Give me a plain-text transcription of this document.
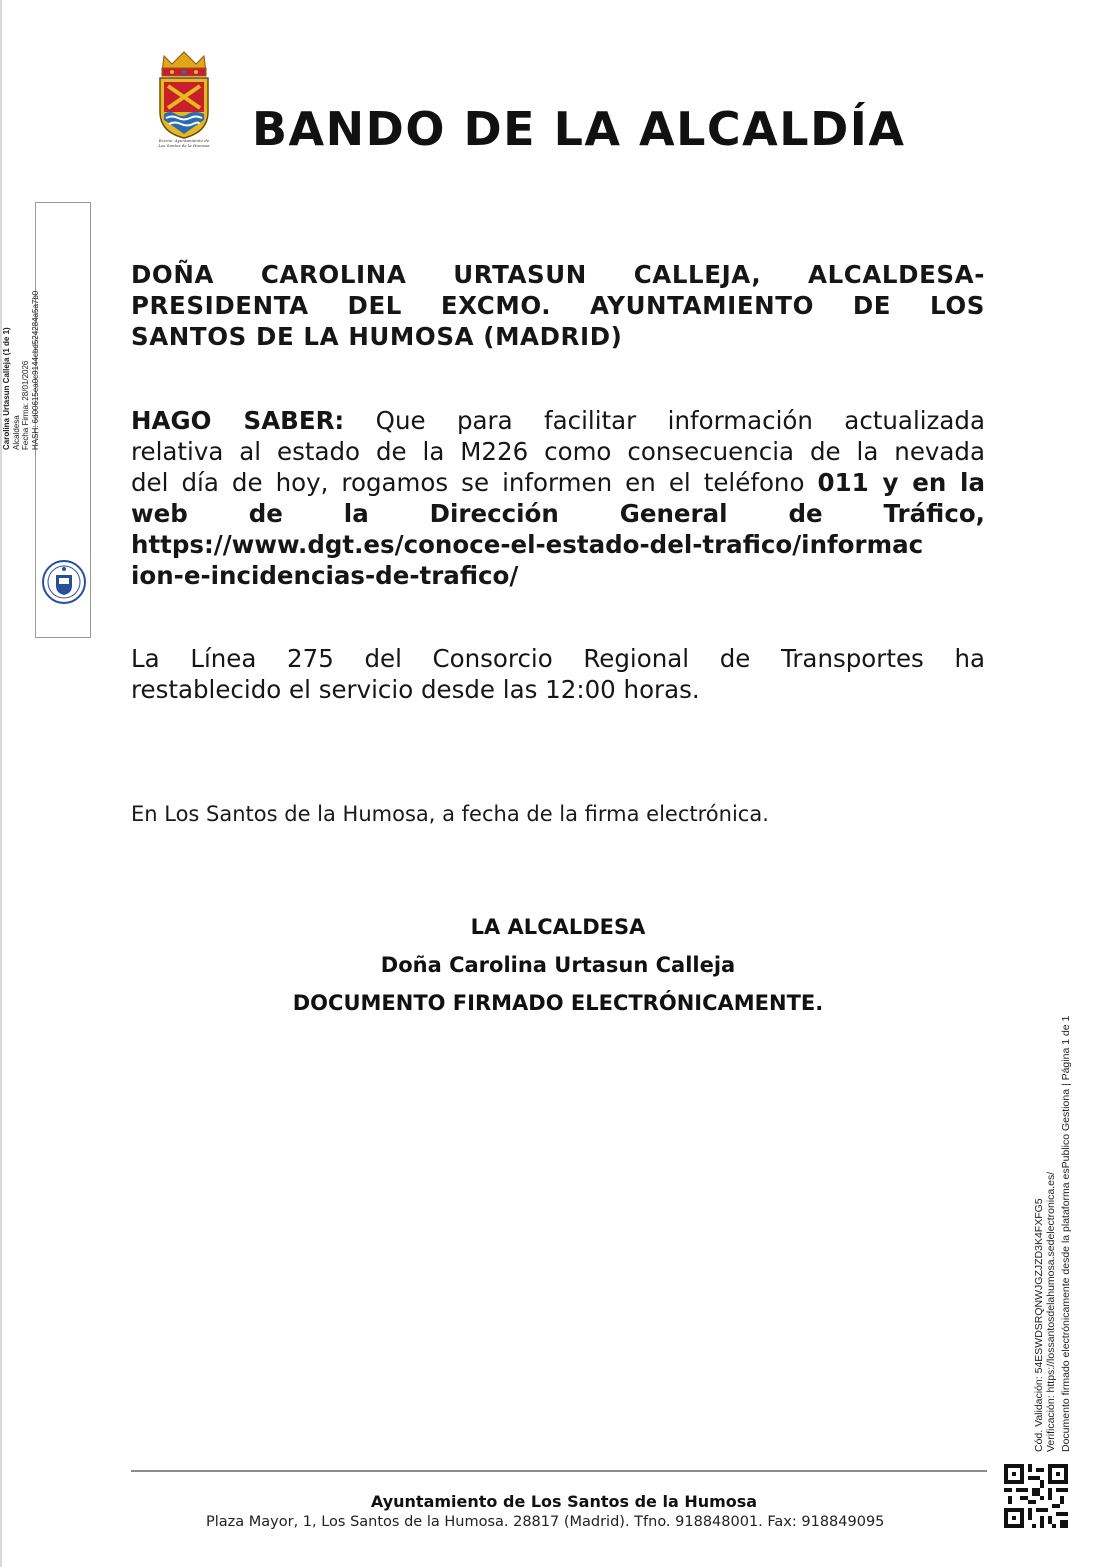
Excmo. Ayuntamiento de
Los Santos de la Humosa BANDO DE LA ALCALDÍA
Carolina Urtasun Calleja (1 de 1) Alcaldesa Fecha Firma: 28/01/2026 HASH: 6d00615ea0c9144cbd524284a5a7b0
DOÑA CAROLINA URTASUN CALLEJA, ALCALDESA-
PRESIDENTA DEL EXCMO. AYUNTAMIENTO DE LOS
SANTOS DE LA HUMOSA (MADRID)
HAGO SABER: Que para facilitar información actualizada
relativa al estado de la M226 como consecuencia de la nevada
del día de hoy, rogamos se informen en el teléfono 011 y en la
web de la Dirección General de Tráfico,
https://www.dgt.es/conoce-el-estado-del-trafico/informac
ion-e-incidencias-de-trafico/
La Línea 275 del Consorcio Regional de Transportes ha
restablecido el servicio desde las 12:00 horas.

En Los Santos de la Humosa, a fecha de la firma electrónica.

LA ALCALDESA
Doña Carolina Urtasun Calleja
DOCUMENTO FIRMADO ELECTRÓNICAMENTE.
Cód. Validación: 54ESWDSRQNWJGZJZD3K4FXFG5 Verificación: https://lossantosdelahumosa.sedelectronica.es/ Documento firmado electrónicamente desde la plataforma esPublico Gestiona | Página 1 de 1
Ayuntamiento de Los Santos de la Humosa
Plaza Mayor, 1, Los Santos de la Humosa. 28817 (Madrid). Tfno. 918848001. Fax: 918849095
